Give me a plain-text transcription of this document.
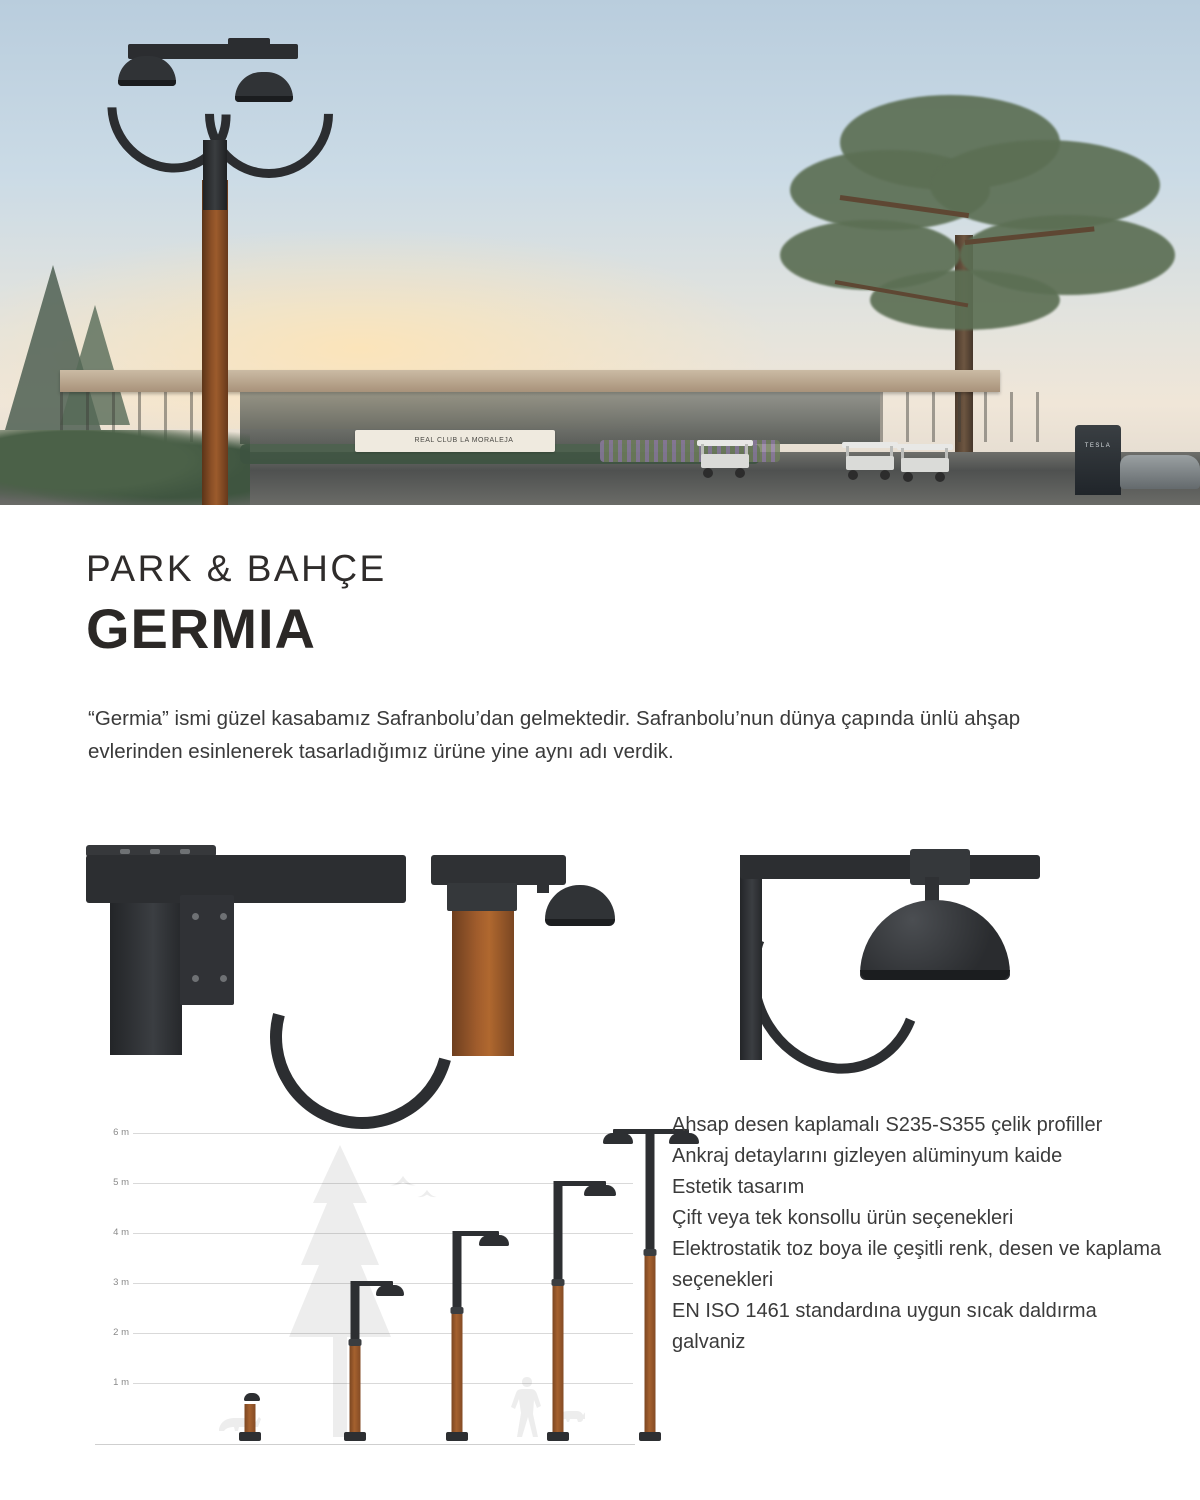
REAL CLUB LA MORALEJA
TESLA

PARK & BAHÇE

GERMIA

“Germia” ismi güzel kasabamız Safranbolu’dan gelmektedir. Safranbolu’nun dünya çapında ünlü ahşap evlerinden esinlenerek tasarladığımız ürüne yine aynı adı verdik.

6 m
5 m
4 m
3 m
2 m
1 m

Ahsap desen kaplamalı S235-S355 çelik profiller

Ankraj detaylarını gizleyen alüminyum kaide

Estetik tasarım

Çift veya tek konsollu ürün seçenekleri

Elektrostatik toz boya ile çeşitli renk, desen ve kaplama seçenekleri

EN ISO 1461 standardına uygun sıcak daldırma galvaniz
